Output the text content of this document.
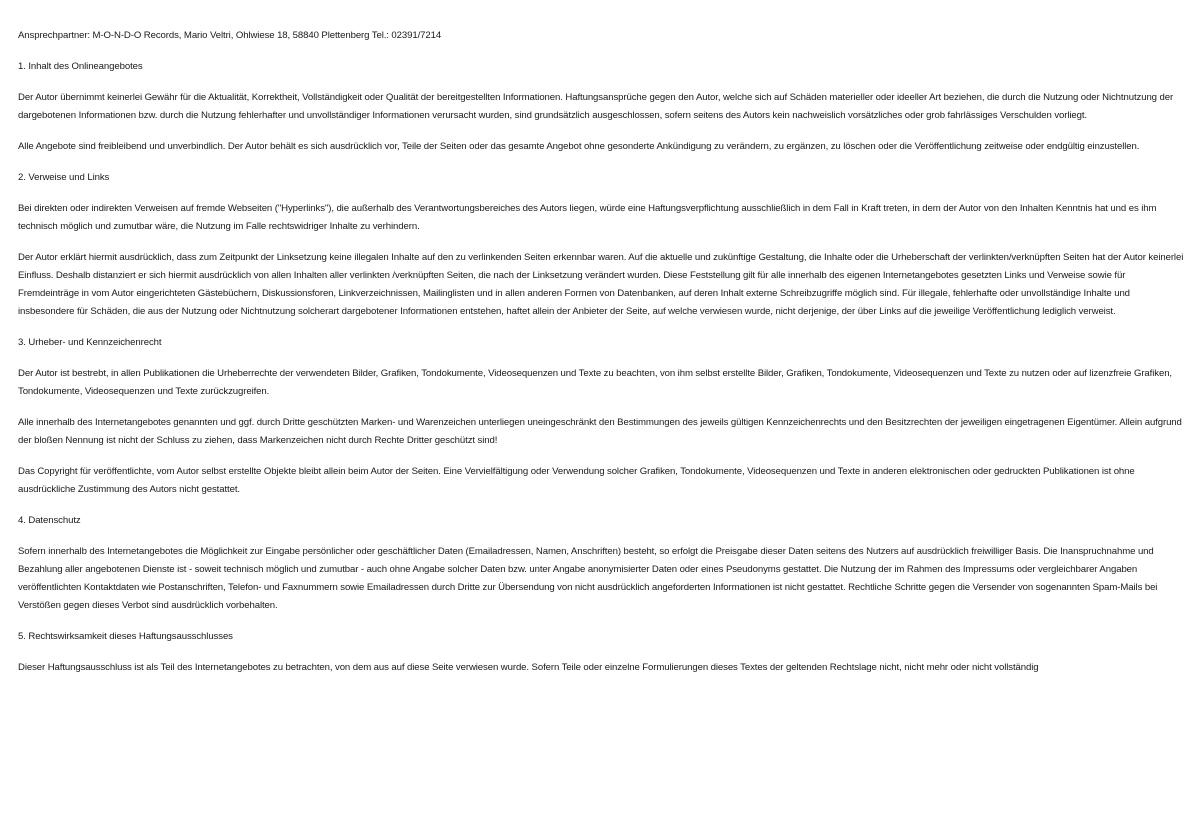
Ansprechpartner: M-O-N-D-O Records, Mario Veltri, Ohlwiese 18, 58840 Plettenberg Tel.: 02391/7214

1. Inhalt des Onlineangebotes

Der Autor übernimmt keinerlei Gewähr für die Aktualität, Korrektheit, Vollständigkeit oder Qualität der bereitgestellten Informationen. Haftungsansprüche gegen den Autor, welche sich auf Schäden materieller oder ideeller Art beziehen, die durch die Nutzung oder Nichtnutzung der dargebotenen Informationen bzw. durch die Nutzung fehlerhafter und unvollständiger Informationen verursacht wurden, sind grundsätzlich ausgeschlossen, sofern seitens des Autors kein nachweislich vorsätzliches oder grob fahrlässiges Verschulden vorliegt.

Alle Angebote sind freibleibend und unverbindlich. Der Autor behält es sich ausdrücklich vor, Teile der Seiten oder das gesamte Angebot ohne gesonderte Ankündigung zu verändern, zu ergänzen, zu löschen oder die Veröffentlichung zeitweise oder endgültig einzustellen.

2. Verweise und Links

Bei direkten oder indirekten Verweisen auf fremde Webseiten ("Hyperlinks"), die außerhalb des Verantwortungsbereiches des Autors liegen, würde eine Haftungsverpflichtung ausschließlich in dem Fall in Kraft treten, in dem der Autor von den Inhalten Kenntnis hat und es ihm technisch möglich und zumutbar wäre, die Nutzung im Falle rechtswidriger Inhalte zu verhindern.

Der Autor erklärt hiermit ausdrücklich, dass zum Zeitpunkt der Linksetzung keine illegalen Inhalte auf den zu verlinkenden Seiten erkennbar waren. Auf die aktuelle und zukünftige Gestaltung, die Inhalte oder die Urheberschaft der verlinkten/verknüpften Seiten hat der Autor keinerlei Einfluss. Deshalb distanziert er sich hiermit ausdrücklich von allen Inhalten aller verlinkten /verknüpften Seiten, die nach der Linksetzung verändert wurden. Diese Feststellung gilt für alle innerhalb des eigenen Internetangebotes gesetzten Links und Verweise sowie für Fremdeinträge in vom Autor eingerichteten Gästebüchern, Diskussionsforen, Linkverzeichnissen, Mailinglisten und in allen anderen Formen von Datenbanken, auf deren Inhalt externe Schreibzugriffe möglich sind. Für illegale, fehlerhafte oder unvollständige Inhalte und insbesondere für Schäden, die aus der Nutzung oder Nichtnutzung solcherart dargebotener Informationen entstehen, haftet allein der Anbieter der Seite, auf welche verwiesen wurde, nicht derjenige, der über Links auf die jeweilige Veröffentlichung lediglich verweist.

3. Urheber- und Kennzeichenrecht

Der Autor ist bestrebt, in allen Publikationen die Urheberrechte der verwendeten Bilder, Grafiken, Tondokumente, Videosequenzen und Texte zu beachten, von ihm selbst erstellte Bilder, Grafiken, Tondokumente, Videosequenzen und Texte zu nutzen oder auf lizenzfreie Grafiken, Tondokumente, Videosequenzen und Texte zurückzugreifen.

Alle innerhalb des Internetangebotes genannten und ggf. durch Dritte geschützten Marken- und Warenzeichen unterliegen uneingeschränkt den Bestimmungen des jeweils gültigen Kennzeichenrechts und den Besitzrechten der jeweiligen eingetragenen Eigentümer. Allein aufgrund der bloßen Nennung ist nicht der Schluss zu ziehen, dass Markenzeichen nicht durch Rechte Dritter geschützt sind!

Das Copyright für veröffentlichte, vom Autor selbst erstellte Objekte bleibt allein beim Autor der Seiten. Eine Vervielfältigung oder Verwendung solcher Grafiken, Tondokumente, Videosequenzen und Texte in anderen elektronischen oder gedruckten Publikationen ist ohne ausdrückliche Zustimmung des Autors nicht gestattet.

4. Datenschutz

Sofern innerhalb des Internetangebotes die Möglichkeit zur Eingabe persönlicher oder geschäftlicher Daten (Emailadressen, Namen, Anschriften) besteht, so erfolgt die Preisgabe dieser Daten seitens des Nutzers auf ausdrücklich freiwilliger Basis. Die Inanspruchnahme und Bezahlung aller angebotenen Dienste ist - soweit technisch möglich und zumutbar - auch ohne Angabe solcher Daten bzw. unter Angabe anonymisierter Daten oder eines Pseudonyms gestattet. Die Nutzung der im Rahmen des Impressums oder vergleichbarer Angaben veröffentlichten Kontaktdaten wie Postanschriften, Telefon- und Faxnummern sowie Emailadressen durch Dritte zur Übersendung von nicht ausdrücklich angeforderten Informationen ist nicht gestattet. Rechtliche Schritte gegen die Versender von sogenannten Spam-Mails bei Verstößen gegen dieses Verbot sind ausdrücklich vorbehalten.

5. Rechtswirksamkeit dieses Haftungsausschlusses

Dieser Haftungsausschluss ist als Teil des Internetangebotes zu betrachten, von dem aus auf diese Seite verwiesen wurde. Sofern Teile oder einzelne Formulierungen dieses Textes der geltenden Rechtslage nicht, nicht mehr oder nicht vollständig
